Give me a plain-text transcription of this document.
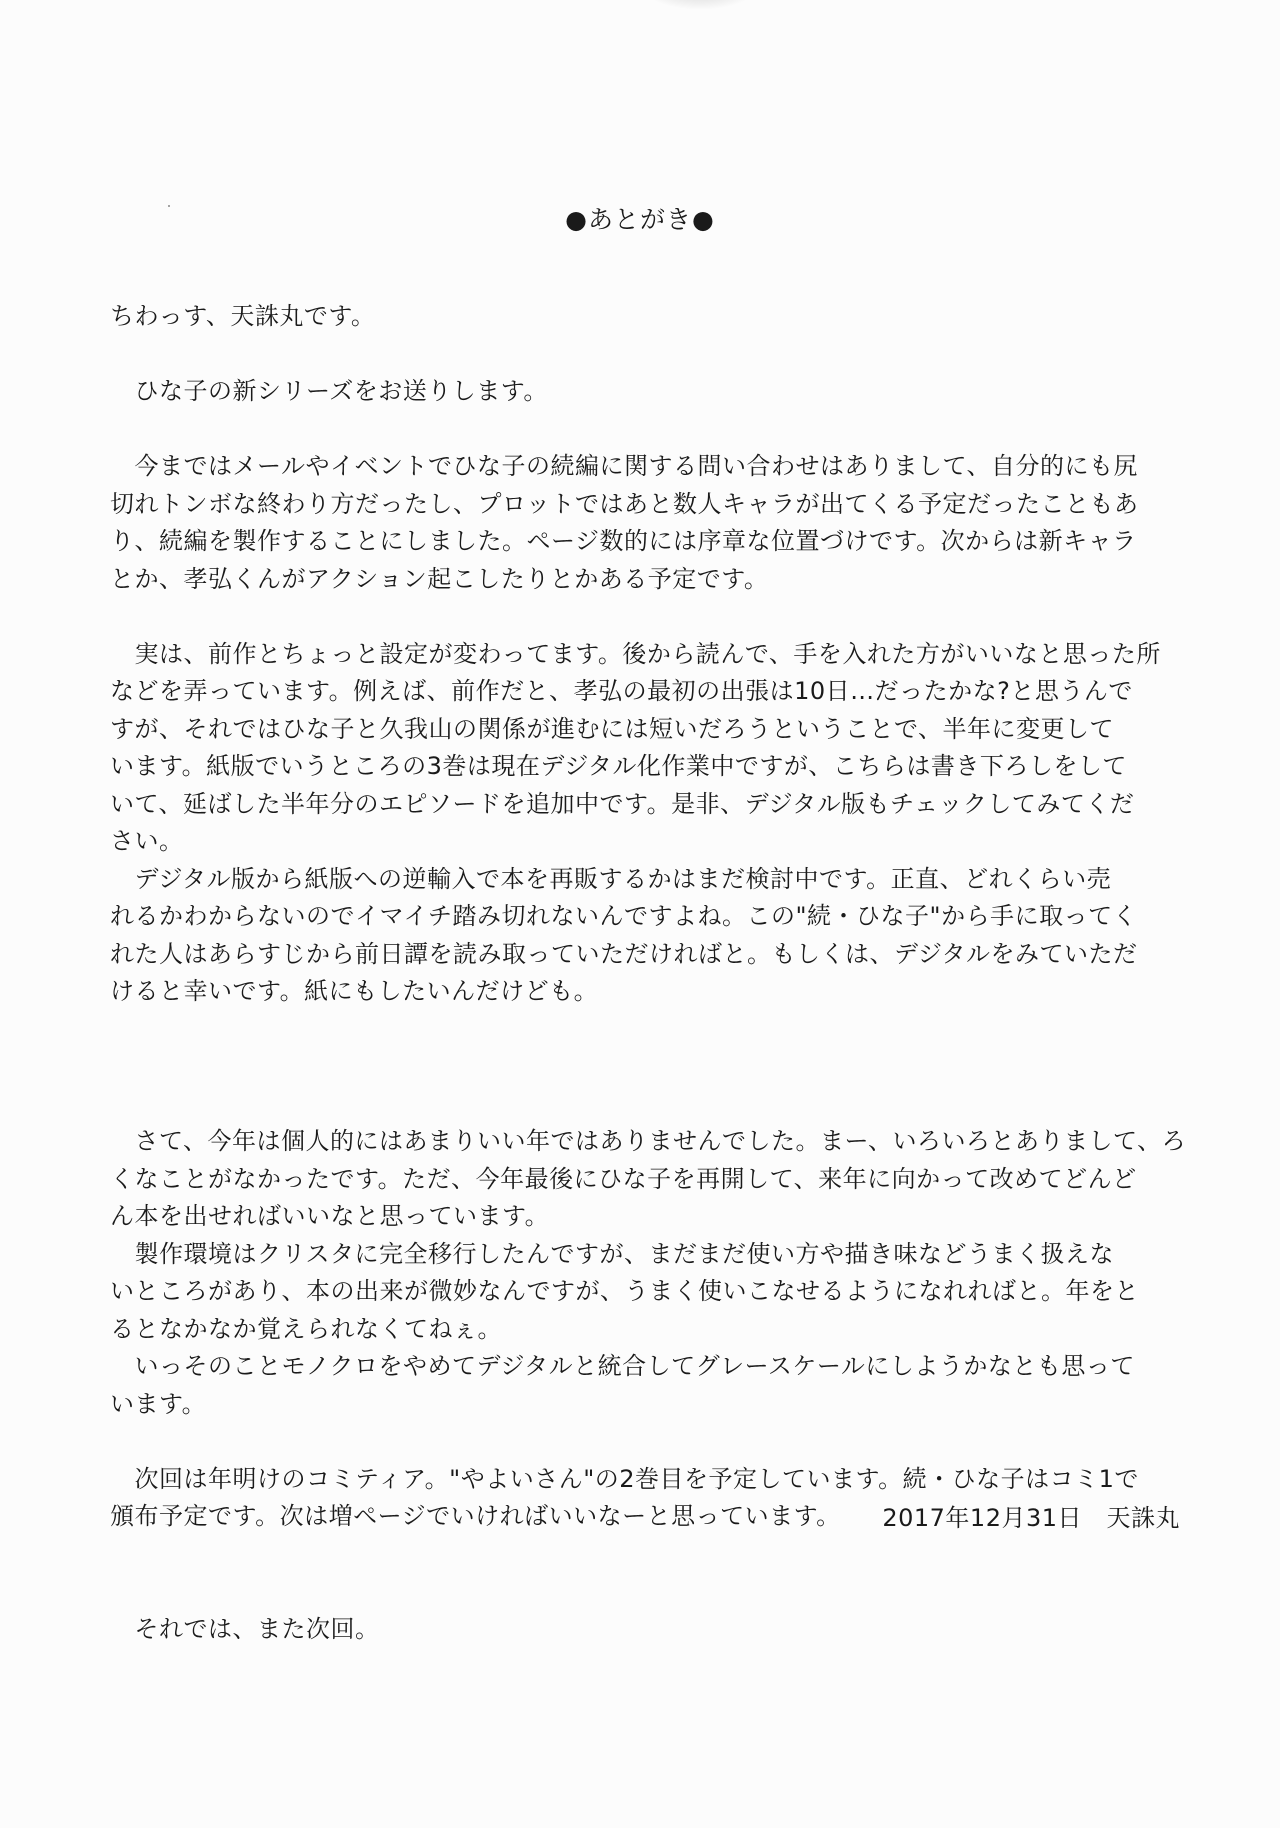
●あとがき●
ちわっす、天誅丸です。
　ひな子の新シリーズをお送りします。
　今まではメールやイベントでひな子の続編に関する問い合わせはありまして、自分的にも尻
切れトンボな終わり方だったし、プロットではあと数人キャラが出てくる予定だったこともあ
り、続編を製作することにしました。ページ数的には序章な位置づけです。次からは新キャラ
とか、孝弘くんがアクション起こしたりとかある予定です。
　実は、前作とちょっと設定が変わってます。後から読んで、手を入れた方がいいなと思った所
などを弄っています。例えば、前作だと、孝弘の最初の出張は10日…だったかな?と思うんで
すが、それではひな子と久我山の関係が進むには短いだろうということで、半年に変更して
います。紙版でいうところの3巻は現在デジタル化作業中ですが、こちらは書き下ろしをして
いて、延ばした半年分のエピソードを追加中です。是非、デジタル版もチェックしてみてくだ
さい。
　デジタル版から紙版への逆輸入で本を再販するかはまだ検討中です。正直、どれくらい売
れるかわからないのでイマイチ踏み切れないんですよね。この"続・ひな子"から手に取ってく
れた人はあらすじから前日譚を読み取っていただければと。もしくは、デジタルをみていただ
けると幸いです。紙にもしたいんだけども。
　さて、今年は個人的にはあまりいい年ではありませんでした。まー、いろいろとありまして、ろ
くなことがなかったです。ただ、今年最後にひな子を再開して、来年に向かって改めてどんど
ん本を出せればいいなと思っています。
　製作環境はクリスタに完全移行したんですが、まだまだ使い方や描き味などうまく扱えな
いところがあり、本の出来が微妙なんですが、うまく使いこなせるようになれればと。年をと
るとなかなか覚えられなくてねぇ。
　いっそのことモノクロをやめてデジタルと統合してグレースケールにしようかなとも思って
います。
　次回は年明けのコミティア。"やよいさん"の2巻目を予定しています。続・ひな子はコミ1で
頒布予定です。次は増ページでいければいいなーと思っています。
　それでは、また次回。
2017年12月31日　天誅丸
